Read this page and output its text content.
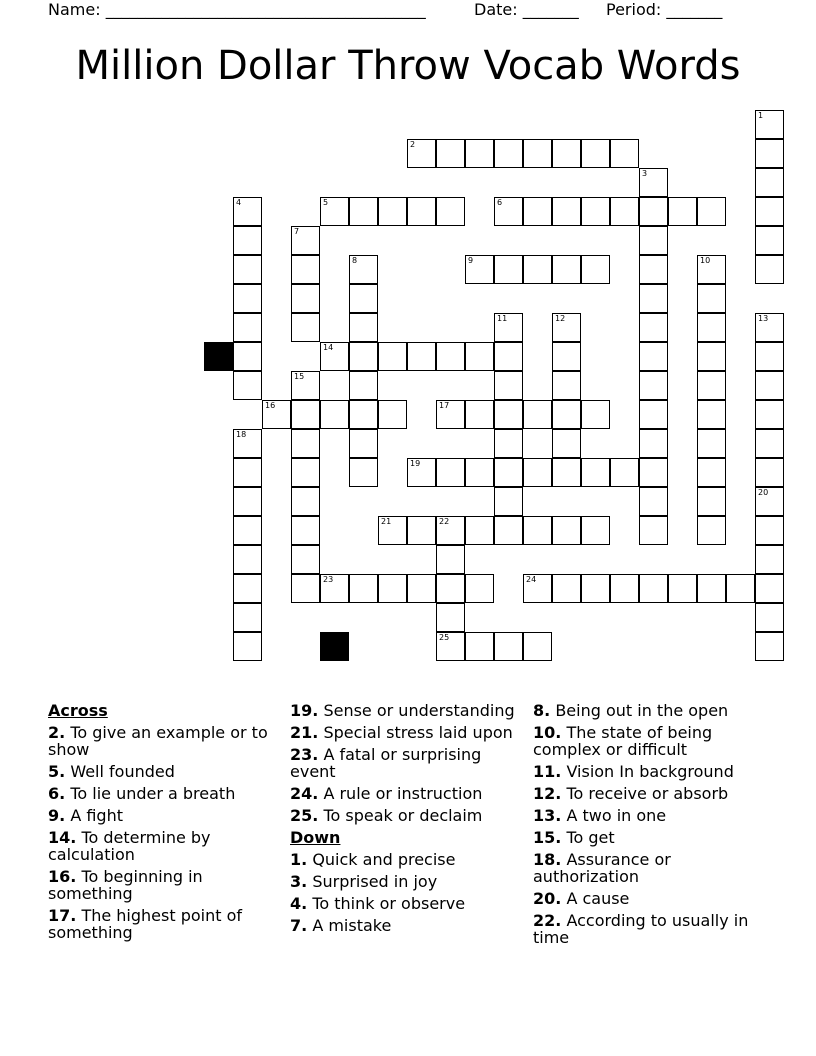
Name: ________________________________________	Date: _______ Period: _______
Million Dollar Throw Vocab Words
1
2
3
4	5	6
7
8	9	10
11	12	13
14
15
16	17
18
19
20
21	22
23	24
25
Across
2. To give an example or to show
5. Well founded
6. To lie under a breath
9. A fight
14. To determine by calculation
16. To beginning in something
17. The highest point of something
19. Sense or understanding
21. Special stress laid upon
23. A fatal or surprising event
24. A rule or instruction
25. To speak or declaim
Down
1. Quick and precise
3. Surprised in joy
4. To think or observe
7. A mistake
8. Being out in the open
10. The state of being complex or difficult
11. Vision In background
12. To receive or absorb
13. A two in one
15. To get
18. Assurance or authorization
20. A cause
22. According to usually in time
